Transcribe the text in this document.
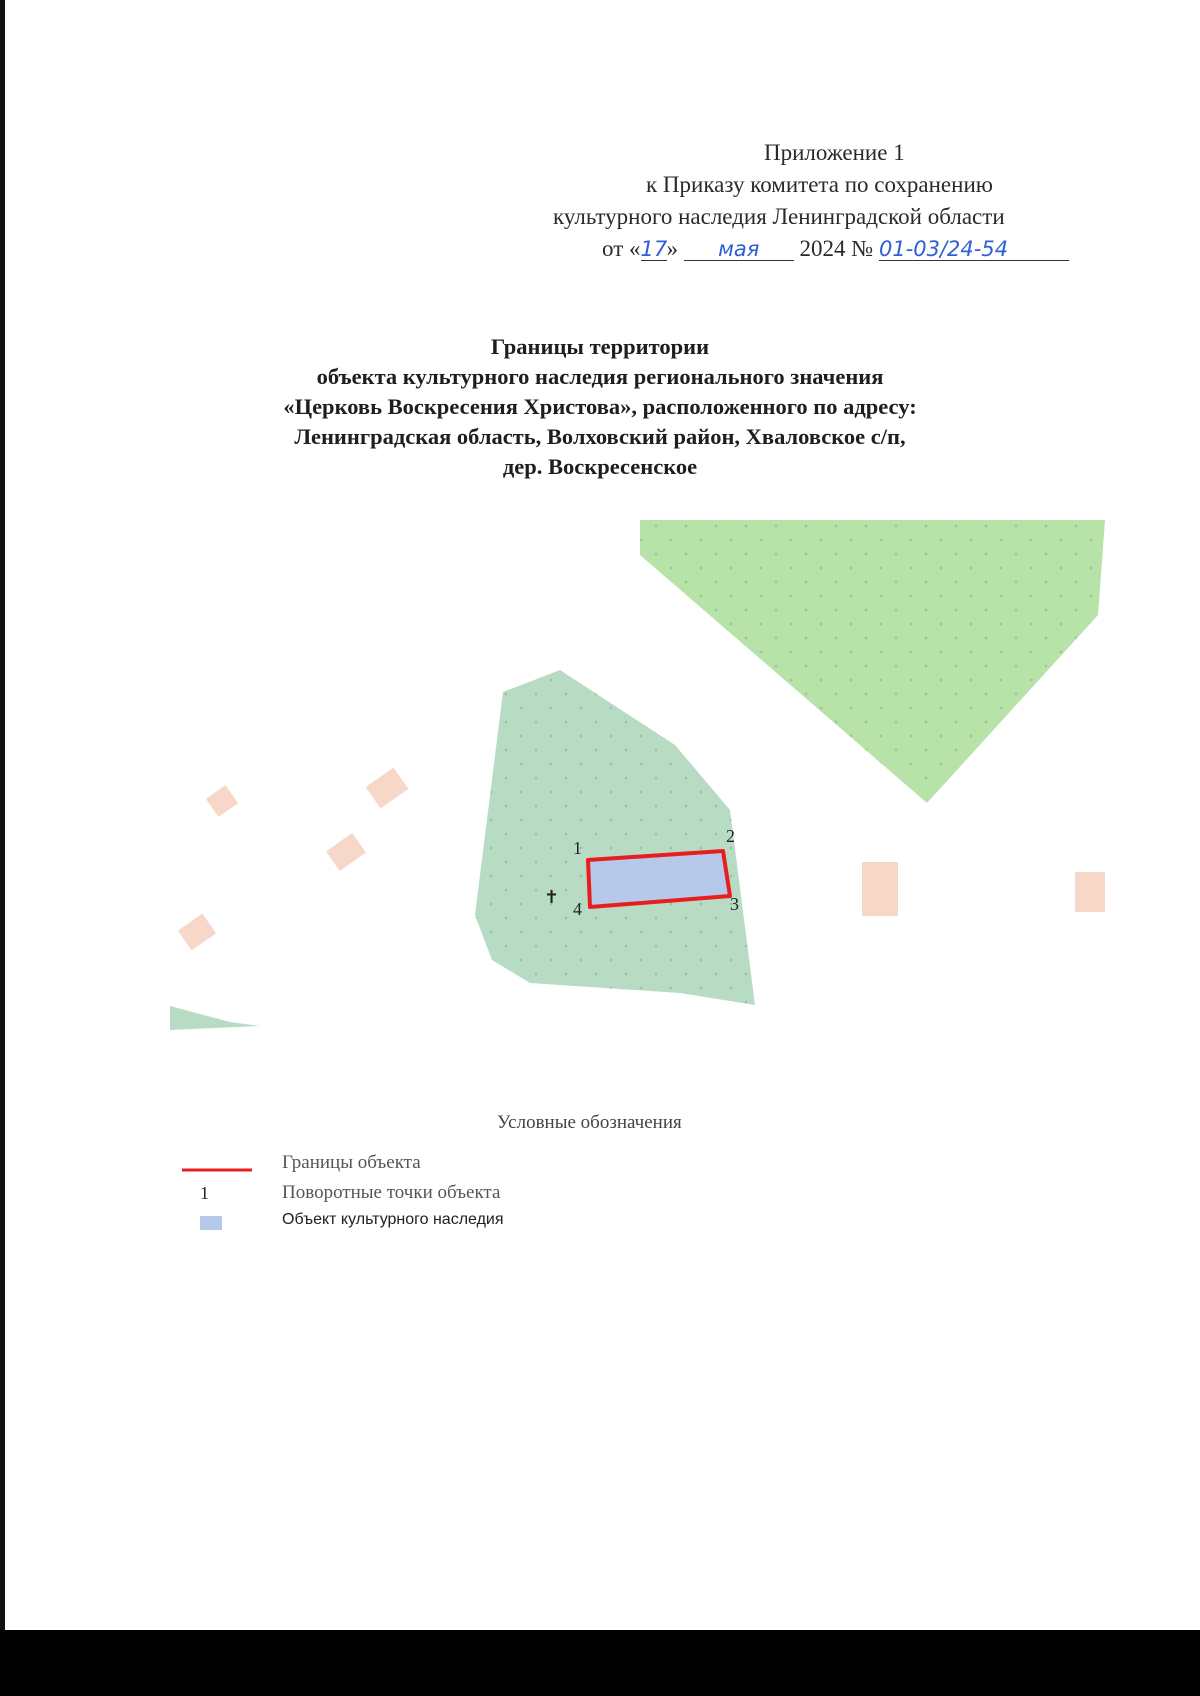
Приложение 1
к Приказу комитета по сохранению
культурного наследия Ленинградской области
от «17» мая 2024 № 01-03/24-54
Границы территории
объекта культурного наследия регионального значения
«Церковь Воскресения Христова», расположенного по адресу:
Ленинградская область, Волховский район, Хваловское с/п,
дер. Воскресенское
✝
1
2
3
4
Условные обозначения
Границы объекта
1	Поворотные точки объекта
Объект культурного наследия
